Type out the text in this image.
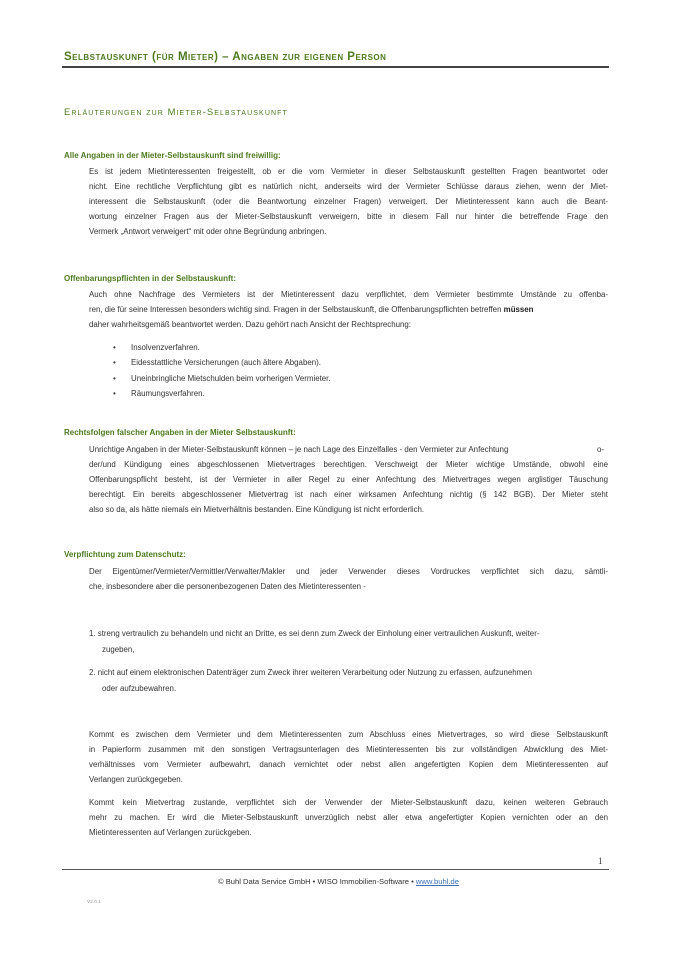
Selbstauskunft (für Mieter) – Angaben zur eigenen Person
Erläuterungen zur Mieter-Selbstauskunft
Alle Angaben in der Mieter-Selbstauskunft sind freiwillig:
Es ist jedem Mietinteressenten freigestellt, ob er die vom Vermieter in dieser Selbstauskunft gestellten Fragen beantwortet oder
nicht. Eine rechtliche Verpflichtung gibt es natürlich nicht, anderseits wird der Vermieter Schlüsse daraus ziehen, wenn der Miet-
interessent die Selbstauskunft (oder die Beantwortung einzelner Fragen) verweigert. Der Mietinteressent kann auch die Beant-
wortung einzelner Fragen aus der Mieter-Selbstauskunft verweigern, bitte in diesem Fall nur hinter die betreffende Frage den
Vermerk „Antwort verweigert“ mit oder ohne Begründung anbringen.
Offenbarungspflichten in der Selbstauskunft:
Auch ohne Nachfrage des Vermieters ist der Mietinteressent dazu verpflichtet, dem Vermieter bestimmte Umstände zu offenba-
ren, die für seine Interessen besonders wichtig sind. Fragen in der Selbstauskunft, die Offenbarungspflichten betreffen müssen
daher wahrheitsgemäß beantwortet werden. Dazu gehört nach Ansicht der Rechtsprechung:
• Insolvenzverfahren.
• Eidesstattliche Versicherungen (auch ältere Abgaben).
• Uneinbringliche Mietschulden beim vorherigen Vermieter.
• Räumungsverfahren.
Rechtsfolgen falscher Angaben in der Mieter Selbstauskunft:
Unrichtige Angaben in der Mieter-Selbstauskunft können – je nach Lage des Einzelfalles - den Vermieter zur Anfechtung	o-
der/und Kündigung eines abgeschlossenen Mietvertrages berechtigen. Verschweigt der Mieter wichtige Umstände, obwohl eine
Offenbarungspflicht besteht, ist der Vermieter in aller Regel zu einer Anfechtung des Mietvertrages wegen arglistiger Täuschung
berechtigt. Ein bereits abgeschlossener Mietvertrag ist nach einer wirksamen Anfechtung nichtig (§ 142 BGB). Der Mieter steht
also so da, als hätte niemals ein Mietverhältnis bestanden. Eine Kündigung ist nicht erforderlich.
Verpflichtung zum Datenschutz:
Der Eigentümer/Vermieter/Vermittler/Verwalter/Makler und jeder Verwender dieses Vordruckes verpflichtet sich dazu, sämtli-
che, insbesondere aber die personenbezogenen Daten des Mietinteressenten -
1. streng vertraulich zu behandeln und nicht an Dritte, es sei denn zum Zweck der Einholung einer vertraulichen Auskunft, weiter-
zugeben,
2. nicht auf einem elektronischen Datenträger zum Zweck ihrer weiteren Verarbeitung oder Nutzung zu erfassen, aufzunehmen
oder aufzubewahren.
Kommt es zwischen dem Vermieter und dem Mietinteressenten zum Abschluss eines Mietvertrages, so wird diese Selbstauskunft
in Papierform zusammen mit den sonstigen Vertragsunterlagen des Mietinteressenten bis zur vollständigen Abwicklung des Miet-
verhältnisses vom Vermieter aufbewahrt, danach vernichtet oder nebst allen angefertigten Kopien dem Mietinteressenten auf
Verlangen zurückgegeben.
Kommt kein Mietvertrag zustande, verpflichtet sich der Verwender der Mieter-Selbstauskunft dazu, keinen weiteren Gebrauch
mehr zu machen. Er wird die Mieter-Selbstauskunft unverzüglich nebst aller etwa angefertigter Kopien vernichten oder an den
Mietinteressenten auf Verlangen zurückgeben.
1
© Buhl Data Service GmbH • WISO Immobilien-Software • www.buhl.de
V2.0.1
